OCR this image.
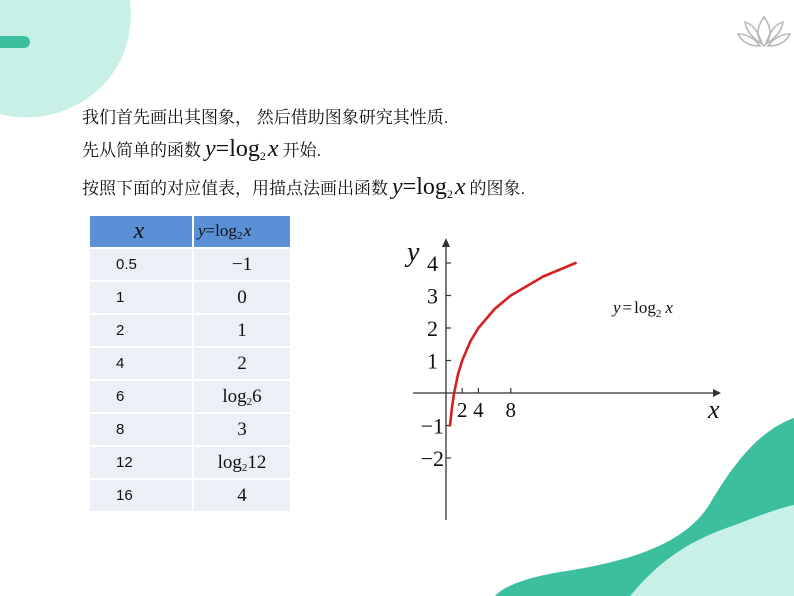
我们首先画出其图象， 然后借助图象研究其性质.
先从简单的函数 $y=\log_2$ x 开始.
按照下面的对应值表，用描点法画出函数 $y=\log_2$ x 的图象.
x	$y=\log_2$ x
0.5	−1
1	0
2	1
4	2
6	$\log_26$
8	3
12	$\log_212$
16	4
2 4 8
1
2
3
4
−1
−2
x
y
$y = \log_2 x$
